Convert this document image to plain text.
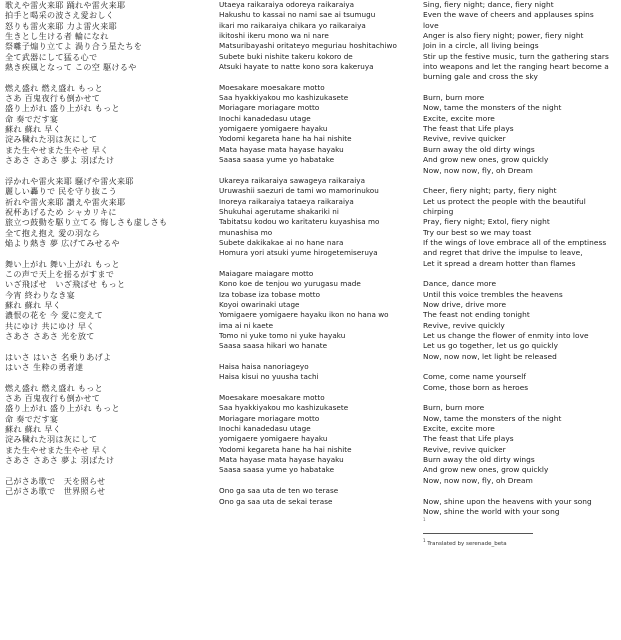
歌えや雷火来耶 踊れや雷火来耶
拍手と喝采の波さえ愛おしく
怒りも雷火来耶 力よ雷火来耶
生きとし生ける者 輪になれ
祭囃子煽り立てよ 渦り合う星たちを
全て武器にして猛る心で
熱き疾風となって この空 駆けるや
燃え盛れ 燃え盛れ もっと
さあ 百鬼夜行も倒かせて
盛り上がれ 盛り上がれ もっと
命 奏でだす宴
蘇れ 蘇れ 早く
淀み穢れた羽は灰にして
また生やせまた生やせ 早く
さあさ さあさ 夢よ 羽ばたけ
浮かれや雷火来耶 騒げや雷火来耶
麗しい轟りで 民を守り抜こう
祈れや雷火来耶 讃えや雷火来耶
祝杯あげるため シャカリキに
旅立つ鼓動を駆り立てる 悔しさも虚しさも
全て抱え抱え 愛の羽なら
焔より熱き 夢 広げてみせるや
舞い上がれ 舞い上がれ もっと
この声で天上を揺るがすまで
いざ飛ばせ　いざ飛ばせ もっと
今宵 終わりなき宴
蘇れ 蘇れ 早く
濃恨の花を 今 愛に変えて
共にゆけ 共にゆけ 早く
さあさ さあさ 光を放て
はいさ はいさ 名乗りあげよ
はいさ 生粋の勇者達
燃え盛れ 燃え盛れ もっと
さあ 百鬼夜行も倒かせて
盛り上がれ 盛り上がれ もっと
命 奏でだす宴
蘇れ 蘇れ 早く
淀み穢れた羽は灰にして
また生やせまた生やせ 早く
さあさ さあさ 夢よ 羽ばたけ
己がさあ歌で　天を照らせ
己がさあ歌で　世界照らせ
Utaeya raikaraiya odoreya raikaraiya
Hakushu to kassai no nami sae ai tsumugu
ikari mo raikaraiya chikara yo raikaraiya
ikitoshi ikeru mono wa ni nare
Matsuribayashi oritateyo meguriau hoshitachiwo
Subete buki nishite takeru kokoro de
Atsuki hayate to natte kono sora kakeruya
Moesakare moesakare motto
Saa hyakkiyakou mo kashizukasete
Moriagare moriagare motto
Inochi kanadedasu utage
yomigaere yomigaere hayaku
Yodomi kegareta hane ha hai nishite
Mata hayase mata hayase hayaku
Saasa saasa yume yo habatake
Ukareya raikaraiya sawageya raikaraiya
Uruwashii saezuri de tami wo mamorinukou
Inoreya raikaraiya tataeya raikaraiya
Shukuhai agerutame shakariki ni
Tabitatsu kodou wo karitateru kuyashisa mo
munashisa mo
Subete dakikakae ai no hane nara
Homura yori atsuki yume hirogetemiseruya
Maiagare maiagare motto
Kono koe de tenjou wo yurugasu made
Iza tobase iza tobase motto
Koyoi owarinaki utage
Yomigaere yomigaere hayaku ikon no hana wo
ima ai ni kaete
Tomo ni yuke tomo ni yuke hayaku
Saasa saasa hikari wo hanate
Haisa haisa nanoriageyo
Haisa kisui no yuusha tachi
Moesakare moesakare motto
Saa hyakkiyakou mo kashizukasete
Moriagare moriagare motto
Inochi kanadedasu utage
yomigaere yomigaere hayaku
Yodomi kegareta hane ha hai nishite
Mata hayase mata hayase hayaku
Saasa saasa yume yo habatake
Ono ga saa uta de ten wo terase
Ono ga saa uta de sekai terase
Sing, fiery night; dance, fiery night
Even the wave of cheers and applauses spins
love
Anger is also fiery night; power, fiery night
Join in a circle, all living beings
Stir up the festive music, turn the gathering stars
into weapons and let the ranging heart become a
burning gale and cross the sky
Burn, burn more
Now, tame the monsters of the night
Excite, excite more
The feast that Life plays
Revive, revive quicker
Burn away the old dirty wings
And grow new ones, grow quickly
Now, now now, fly, oh Dream
Cheer, fiery night; party, fiery night
Let us protect the people with the beautiful
chirping
Pray, fiery night; Extol, fiery night
Try our best so we may toast
If the wings of love embrace all of the emptiness
and regret that drive the impulse to leave,
Let it spread a dream hotter than flames
Dance, dance more
Until this voice trembles the heavens
Now drive, drive more
The feast not ending tonight
Revive, revive quickly
Let us change the flower of enmity into love
Let us go together, let us go quickly
Now, now now, let light be released
Come, come name yourself
Come, those born as heroes
Burn, burn more
Now, tame the monsters of the night
Excite, excite more
The feast that Life plays
Revive, revive quicker
Burn away the old dirty wings
And grow new ones, grow quickly
Now, now now, fly, oh Dream
Now, shine upon the heavens with your song
Now, shine the world with your song
1
$^1$ Translated by serenade_beta
